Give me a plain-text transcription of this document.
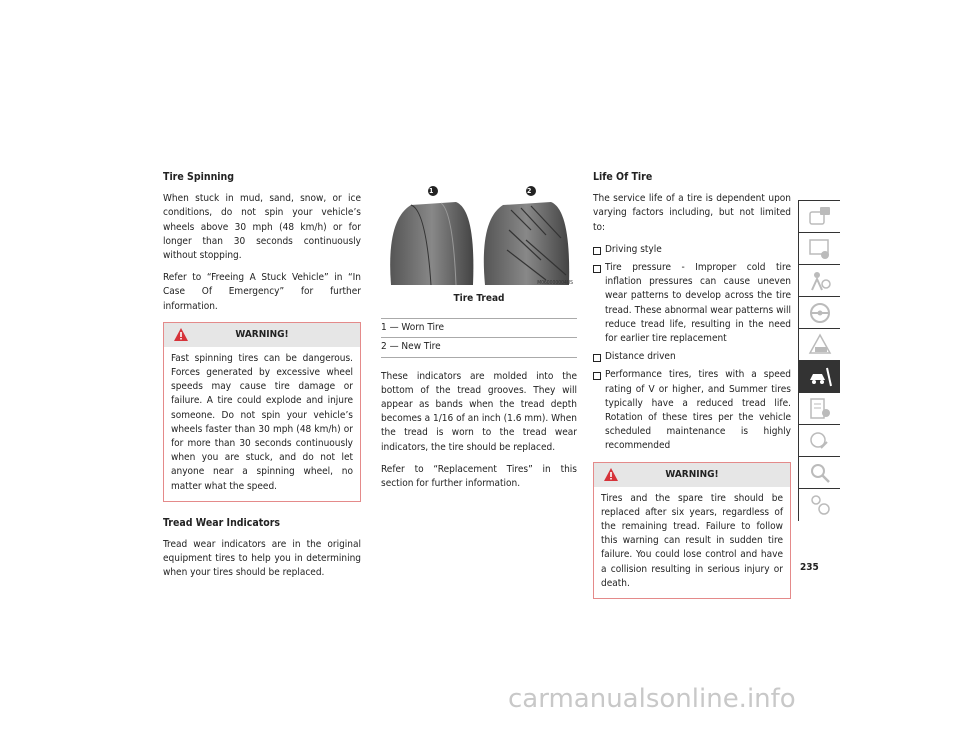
Tire Spinning

When stuck in mud, sand, snow, or ice conditions, do not spin your vehicle’s wheels above 30 mph (48 km/h) or for longer than 30 seconds continuously without stopping.

Refer to “Freeing A Stuck Vehicle” in “In Case Of Emergency” for further information.

WARNING!
Fast spinning tires can be dangerous. Forces generated by excessive wheel speeds may cause tire damage or failure. A tire could explode and injure someone. Do not spin your vehicle’s wheels faster than 30 mph (48 km/h) or for more than 30 seconds continuously when you are stuck, and do not let anyone near a spinning wheel, no matter what the speed.
Tread Wear Indicators

Tread wear indicators are in the original equipment tires to help you in determining when your tires should be replaced.

1	2
M060000004US
Tire Tread
1 — Worn Tire
2 — New Tire

These indicators are molded into the bottom of the tread grooves. They will appear as bands when the tread depth becomes a 1/16 of an inch (1.6 mm). When the tread is worn to the tread wear indicators, the tire should be replaced.

Refer to “Replacement Tires” in this section for further information.

Life Of Tire

The service life of a tire is dependent upon varying factors including, but not limited to:

Driving style
Tire pressure - Improper cold tire inflation pressures can cause uneven wear patterns to develop across the tire tread. These abnormal wear patterns will reduce tread life, resulting in the need for earlier tire replacement
Distance driven
Performance tires, tires with a speed rating of V or higher, and Summer tires typically have a reduced tread life. Rotation of these tires per the vehicle scheduled maintenance is highly recommended
WARNING!
Tires and the spare tire should be replaced after six years, regardless of the remaining tread. Failure to follow this warning can result in sudden tire failure. You could lose control and have a collision resulting in serious injury or death.
235
carmanualsonline.info
